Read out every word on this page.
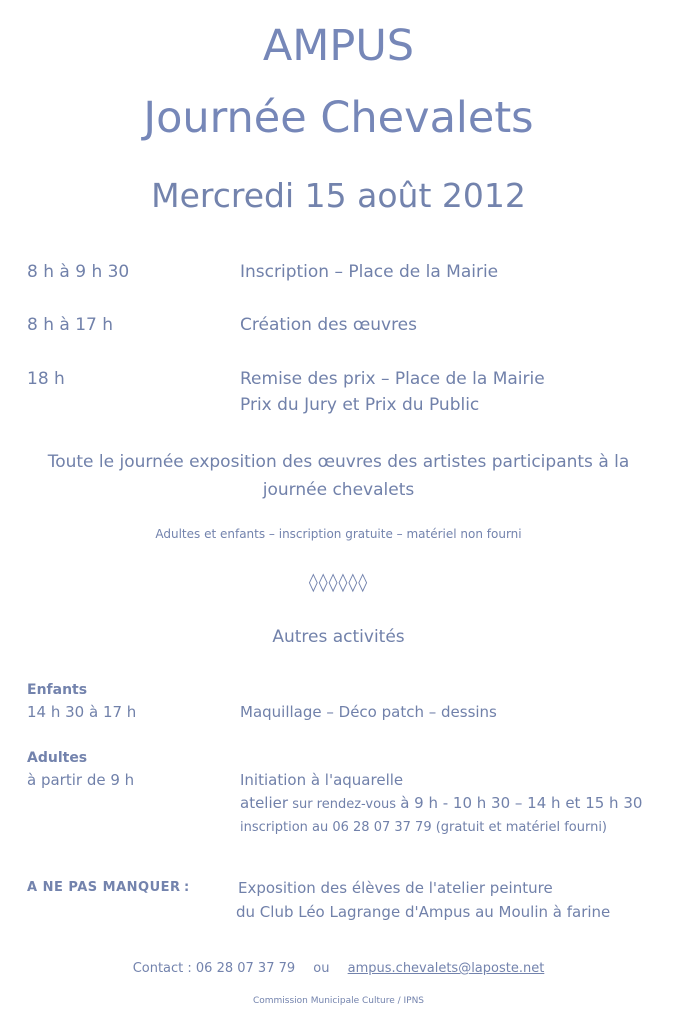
AMPUS
Journée Chevalets
Mercredi 15 août 2012
8 h à 9 h 30	Inscription – Place de la Mairie
8 h à 17 h	Création des œuvres
18 h	Remise des prix – Place de la Mairie
Prix du Jury et Prix du Public
Toute le journée exposition des œuvres des artistes participants à la
journée chevalets
Adultes et enfants – inscription gratuite – matériel non fourni
◊◊◊◊◊◊
Autres activités
Enfants
14 h 30 à 17 h	Maquillage – Déco patch – dessins
Adultes
à partir de 9 h	Initiation à l'aquarelle
atelier sur rendez-vous à 9 h - 10 h 30 – 14 h et 15 h 30
inscription au 06 28 07 37 79 (gratuit et matériel fourni)
A NE PAS MANQUER :	Exposition des élèves de l'atelier peinture
du Club Léo Lagrange d'Ampus au Moulin à farine
Contact : 06 28 07 37 79 ou ampus.chevalets@laposte.net
Commission Municipale Culture / IPNS
